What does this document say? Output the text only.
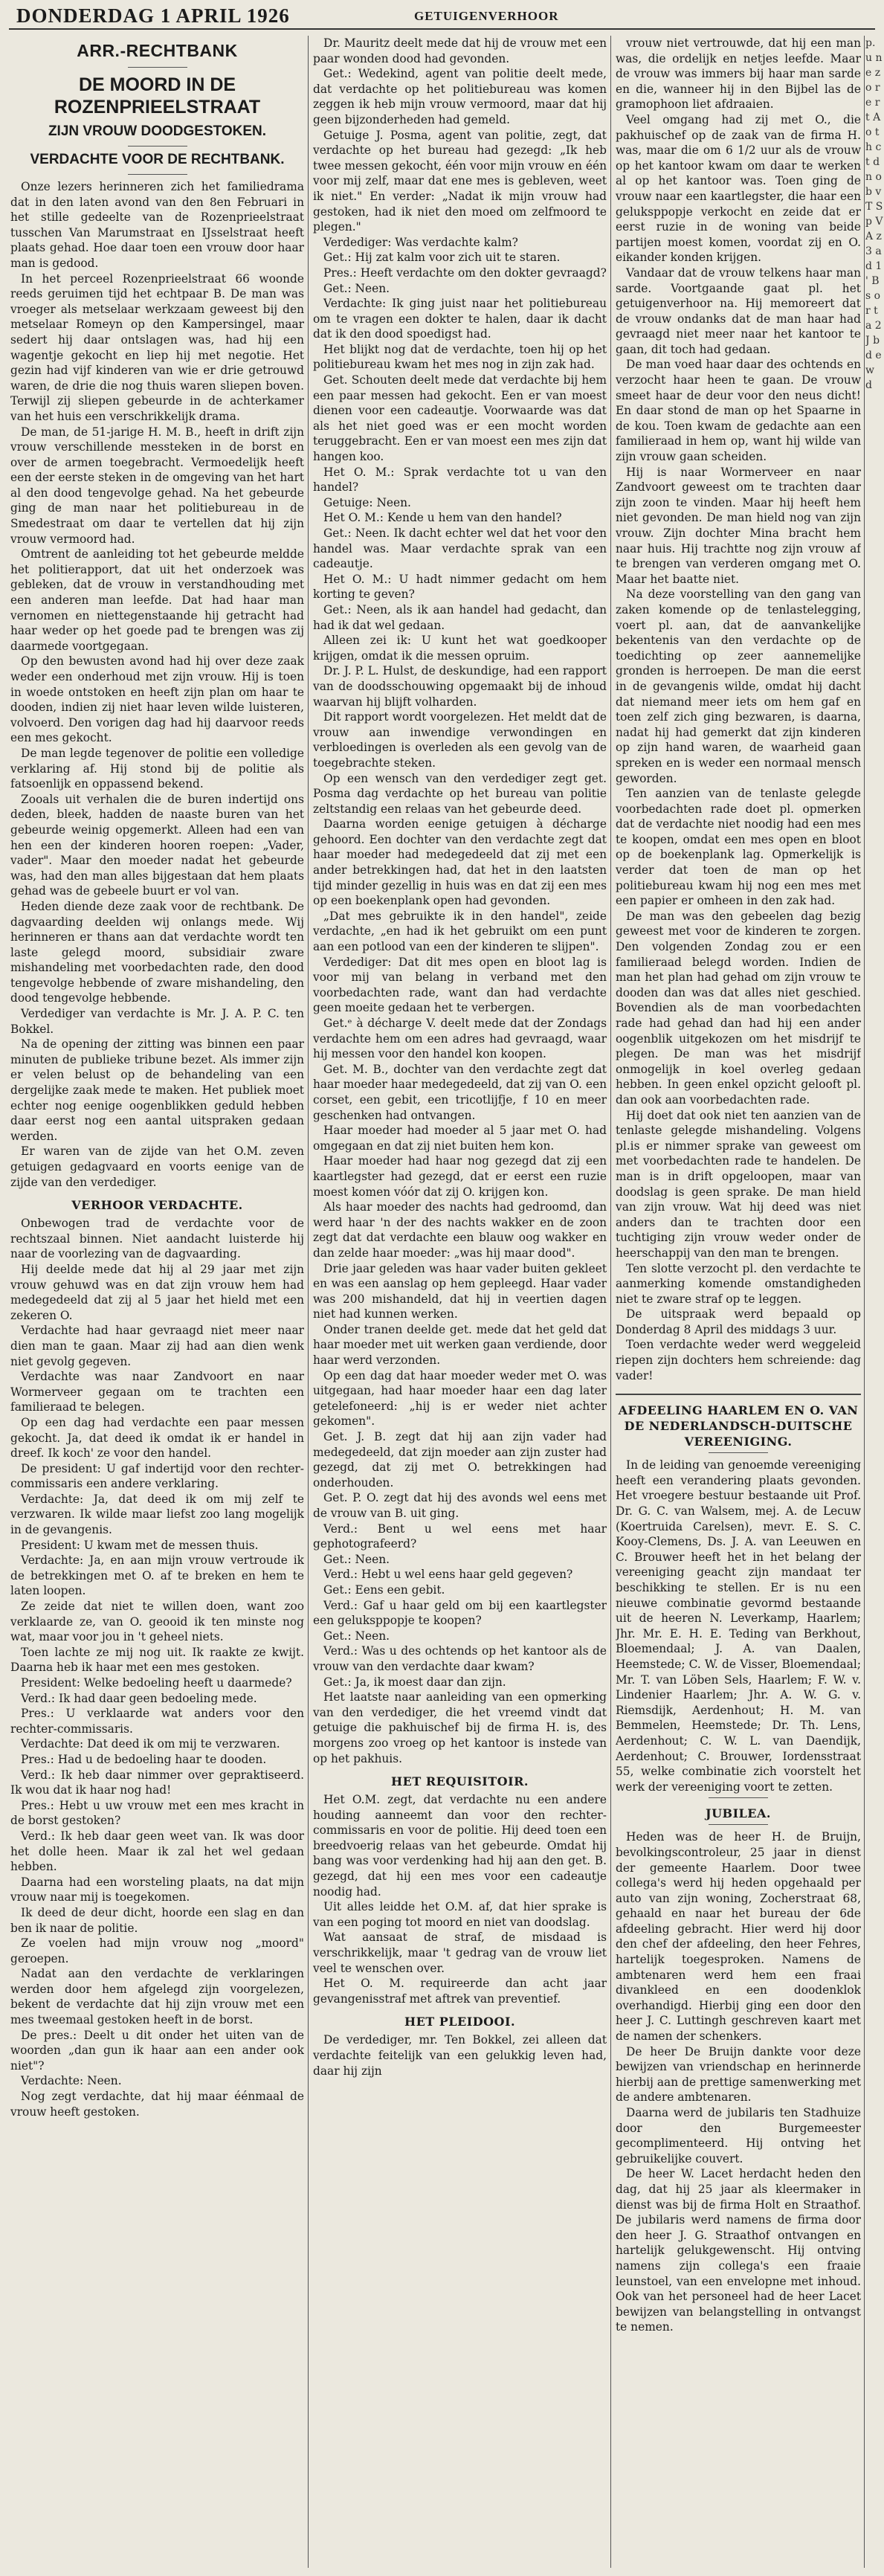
DONDERDAG 1 APRIL 1926	GETUIGENVERHOOR
ARR.-RECHTBANK
DE MOORD IN DE ROZENPRIEELSTRAAT
ZIJN VROUW DOODGESTOKEN.
VERDACHTE VOOR DE RECHTBANK.

Onze lezers herinneren zich het familiedrama dat in den laten avond van den 8en Februari in het stille gedeelte van de Rozenprieelstraat tusschen Van Marumstraat en IJsselstraat heeft plaats gehad. Hoe daar toen een vrouw door haar man is gedood.

In het perceel Rozenprieelstraat 66 woonde reeds geruimen tijd het echtpaar B. De man was vroeger als metselaar werkzaam geweest bij den metselaar Romeyn op den Kampersingel, maar sedert hij daar ontslagen was, had hij een wagentje gekocht en liep hij met negotie. Het gezin had vijf kinderen van wie er drie getrouwd waren, de drie die nog thuis waren sliepen boven. Terwijl zij sliepen gebeurde in de achterkamer van het huis een verschrikkelijk drama.

De man, de 51-jarige H. M. B., heeft in drift zijn vrouw verschillende messteken in de borst en over de armen toegebracht. Vermoedelijk heeft een der eerste steken in de omgeving van het hart al den dood tengevolge gehad. Na het gebeurde ging de man naar het politiebureau in de Smedestraat om daar te vertellen dat hij zijn vrouw vermoord had.

Omtrent de aanleiding tot het gebeurde meldde het politierapport, dat uit het onderzoek was gebleken, dat de vrouw in verstandhouding met een anderen man leefde. Dat had haar man vernomen en niettegenstaande hij getracht had haar weder op het goede pad te brengen was zij daarmede voortgegaan.

Op den bewusten avond had hij over deze zaak weder een onderhoud met zijn vrouw. Hij is toen in woede ontstoken en heeft zijn plan om haar te dooden, indien zij niet haar leven wilde luisteren, volvoerd. Den vorigen dag had hij daarvoor reeds een mes gekocht.

De man legde tegenover de politie een volledige verklaring af. Hij stond bij de politie als fatsoenlijk en oppassend bekend.

Zooals uit verhalen die de buren indertijd ons deden, bleek, hadden de naaste buren van het gebeurde weinig opgemerkt. Alleen had een van hen een der kinderen hooren roepen: „Vader, vader". Maar den moeder nadat het gebeurde was, had den man alles bijgestaan dat hem plaats gehad was de gebeele buurt er vol van.

Heden diende deze zaak voor de rechtbank. De dagvaarding deelden wij onlangs mede. Wij herinneren er thans aan dat verdachte wordt ten laste gelegd moord, subsidiair zware mishandeling met voorbedachten rade, den dood tengevolge hebbende of zware mishandeling, den dood tengevolge hebbende.

Verdediger van verdachte is Mr. J. A. P. C. ten Bokkel.

Na de opening der zitting was binnen een paar minuten de publieke tribune bezet. Als immer zijn er velen belust op de behandeling van een dergelijke zaak mede te maken. Het publiek moet echter nog eenige oogenblikken geduld hebben daar eerst nog een aantal uitspraken gedaan werden.

Er waren van de zijde van het O.M. zeven getuigen gedagvaard en voorts eenige van de zijde van den verdediger.

VERHOOR VERDACHTE.

Onbewogen trad de verdachte voor de rechtszaal binnen. Niet aandacht luisterde hij naar de voorlezing van de dagvaarding.

Hij deelde mede dat hij al 29 jaar met zijn vrouw gehuwd was en dat zijn vrouw hem had medegedeeld dat zij al 5 jaar het hield met een zekeren O.

Verdachte had haar gevraagd niet meer naar dien man te gaan. Maar zij had aan dien wenk niet gevolg gegeven.

Verdachte was naar Zandvoort en naar Wormerveer gegaan om te trachten een familieraad te belegen.

Op een dag had verdachte een paar messen gekocht. Ja, dat deed ik omdat ik er handel in dreef. Ik koch' ze voor den handel.

De president: U gaf indertijd voor den rechter-commissaris een andere verklaring.

Verdachte: Ja, dat deed ik om mij zelf te verzwaren. Ik wilde maar liefst zoo lang mogelijk in de gevangenis.

President: U kwam met de messen thuis.

Verdachte: Ja, en aan mijn vrouw vertroude ik de betrekkingen met O. af te breken en hem te laten loopen.

Ze zeide dat niet te willen doen, want zoo verklaarde ze, van O. geooid ik ten minste nog wat, maar voor jou in 't geheel niets.

Toen lachte ze mij nog uit. Ik raakte ze kwijt. Daarna heb ik haar met een mes gestoken.

President: Welke bedoeling heeft u daarmede?

Verd.: Ik had daar geen bedoeling mede.

Pres.: U verklaarde wat anders voor den rechter-commissaris.

Verdachte: Dat deed ik om mij te verzwaren.

Pres.: Had u de bedoeling haar te dooden.

Verd.: Ik heb daar nimmer over gepraktiseerd. Ik wou dat ik haar nog had!

Pres.: Hebt u uw vrouw met een mes kracht in de borst gestoken?

Verd.: Ik heb daar geen weet van. Ik was door het dolle heen. Maar ik zal het wel gedaan hebben.

Daarna had een worsteling plaats, na dat mijn vrouw naar mij is toegekomen.

Ik deed de deur dicht, hoorde een slag en dan ben ik naar de politie.

Ze voelen had mijn vrouw nog „moord" geroepen.

Nadat aan den verdachte de verklaringen werden door hem afgelegd zijn voorgelezen, bekent de verdachte dat hij zijn vrouw met een mes tweemaal gestoken heeft in de borst.

De pres.: Deelt u dit onder het uiten van de woorden „dan gun ik haar aan een ander ook niet"?

Verdachte: Neen.

Nog zegt verdachte, dat hij maar éénmaal de vrouw heeft gestoken.

Dr. Mauritz deelt mede dat hij de vrouw met een paar wonden dood had gevonden.

Get.: Wedekind, agent van politie deelt mede, dat verdachte op het politiebureau was komen zeggen ik heb mijn vrouw vermoord, maar dat hij geen bijzonderheden had gemeld.

Getuige J. Posma, agent van politie, zegt, dat verdachte op het bureau had gezegd: „Ik heb twee messen gekocht, één voor mijn vrouw en één voor mij zelf, maar dat ene mes is gebleven, weet ik niet." En verder: „Nadat ik mijn vrouw had gestoken, had ik niet den moed om zelfmoord te plegen."

Verdediger: Was verdachte kalm?

Get.: Hij zat kalm voor zich uit te staren.

Pres.: Heeft verdachte om den dokter gevraagd?

Get.: Neen.

Verdachte: Ik ging juist naar het politiebureau om te vragen een dokter te halen, daar ik dacht dat ik den dood spoedigst had.

Het blijkt nog dat de verdachte, toen hij op het politiebureau kwam het mes nog in zijn zak had.

Get. Schouten deelt mede dat verdachte bij hem een paar messen had gekocht. Een er van moest dienen voor een cadeautje. Voorwaarde was dat als het niet goed was er een mocht worden teruggebracht. Een er van moest een mes zijn dat hangen koo.

Het O. M.: Sprak verdachte tot u van den handel?

Getuige: Neen.

Het O. M.: Kende u hem van den handel?

Get.: Neen. Ik dacht echter wel dat het voor den handel was. Maar verdachte sprak van een cadeautje.

Het O. M.: U hadt nimmer gedacht om hem korting te geven?

Get.: Neen, als ik aan handel had gedacht, dan had ik dat wel gedaan.

Alleen zei ik: U kunt het wat goedkooper krijgen, omdat ik die messen opruim.

Dr. J. P. L. Hulst, de deskundige, had een rapport van de doodsschouwing opgemaakt bij de inhoud waarvan hij blijft volharden.

Dit rapport wordt voorgelezen. Het meldt dat de vrouw aan inwendige verwondingen en verbloedingen is overleden als een gevolg van de toegebrachte steken.

Op een wensch van den verdediger zegt get. Posma dag verdachte op het bureau van politie zeltstandig een relaas van het gebeurde deed.

Daarna worden eenige getuigen à décharge gehoord. Een dochter van den verdachte zegt dat haar moeder had medegedeeld dat zij met een ander betrekkingen had, dat het in den laatsten tijd minder gezellig in huis was en dat zij een mes op een boekenplank open had gevonden.

„Dat mes gebruikte ik in den handel", zeide verdachte, „en had ik het gebruikt om een punt aan een potlood van een der kinderen te slijpen".

Verdediger: Dat dit mes open en bloot lag is voor mij van belang in verband met den voorbedachten rade, want dan had verdachte geen moeite gedaan het te verbergen.

Get.ᵉ à décharge V. deelt mede dat der Zondags verdachte hem om een adres had gevraagd, waar hij messen voor den handel kon koopen.

Get. M. B., dochter van den verdachte zegt dat haar moeder haar medegedeeld, dat zij van O. een corset, een gebit, een tricotlijfje, f 10 en meer geschenken had ontvangen.

Haar moeder had moeder al 5 jaar met O. had omgegaan en dat zij niet buiten hem kon.

Haar moeder had haar nog gezegd dat zij een kaartlegster had gezegd, dat er eerst een ruzie moest komen vóór dat zij O. krijgen kon.

Als haar moeder des nachts had gedroomd, dan werd haar 'n der des nachts wakker en de zoon zegt dat dat verdachte een blauw oog wakker en dan zelde haar moeder: „was hij maar dood".

Drie jaar geleden was haar vader buiten gekleet en was een aanslag op hem gepleegd. Haar vader was 200 mishandeld, dat hij in veertien dagen niet had kunnen werken.

Onder tranen deelde get. mede dat het geld dat haar moeder met uit werken gaan verdiende, door haar werd verzonden.

Op een dag dat haar moeder weder met O. was uitgegaan, had haar moeder haar een dag later getelefoneerd: „hij is er weder niet achter gekomen".

Get. J. B. zegt dat hij aan zijn vader had medegedeeld, dat zijn moeder aan zijn zuster had gezegd, dat zij met O. betrekkingen had onderhouden.

Get. P. O. zegt dat hij des avonds wel eens met de vrouw van B. uit ging.

Verd.: Bent u wel eens met haar gephotografeerd?

Get.: Neen.

Verd.: Hebt u wel eens haar geld gegeven?

Get.: Eens een gebit.

Verd.: Gaf u haar geld om bij een kaartlegster een geluksppopje te koopen?

Get.: Neen.

Verd.: Was u des ochtends op het kantoor als de vrouw van den verdachte daar kwam?

Get.: Ja, ik moest daar dan zijn.

Het laatste naar aanleiding van een opmerking van den verdediger, die het vreemd vindt dat getuige die pakhuischef bij de firma H. is, des morgens zoo vroeg op het kantoor is instede van op het pakhuis.

HET REQUISITOIR.

Het O.M. zegt, dat verdachte nu een andere houding aanneemt dan voor den rechter-commissaris en voor de politie. Hij deed toen een breedvoerig relaas van het gebeurde. Omdat hij bang was voor verdenking had hij aan den get. B. gezegd, dat hij een mes voor een cadeautje noodig had.

Uit alles leidde het O.M. af, dat hier sprake is van een poging tot moord en niet van doodslag.

Wat aansaat de straf, de misdaad is verschrikkelijk, maar 't gedrag van de vrouw liet veel te wenschen over.

Het O. M. requireerde dan acht jaar gevangenisstraf met aftrek van preventief.

HET PLEIDOOI.

De verdediger, mr. Ten Bokkel, zei alleen dat verdachte feitelijk van een gelukkig leven had, daar hij zijn

vrouw niet vertrouwde, dat hij een man was, die ordelijk en netjes leefde. Maar de vrouw was immers bij haar man sarde en die, wanneer hij in den Bijbel las de gramophoon liet afdraaien.

Veel omgang had zij met O., die pakhuischef op de zaak van de firma H. was, maar die om 6 1/2 uur als de vrouw op het kantoor kwam om daar te werken al op het kantoor was. Toen ging de vrouw naar een kaartlegster, die haar een geluksppopje verkocht en zeide dat er eerst ruzie in de woning van beide partijen moest komen, voordat zij en O. eikander konden krijgen.

Vandaar dat de vrouw telkens haar man sarde. Voortgaande gaat pl. het getuigenverhoor na. Hij memoreert dat de vrouw ondanks dat de man haar had gevraagd niet meer naar het kantoor te gaan, dit toch had gedaan.

De man voed haar daar des ochtends en verzocht haar heen te gaan. De vrouw smeet haar de deur voor den neus dicht! En daar stond de man op het Spaarne in de kou. Toen kwam de gedachte aan een familieraad in hem op, want hij wilde van zijn vrouw gaan scheiden.

Hij is naar Wormerveer en naar Zandvoort geweest om te trachten daar zijn zoon te vinden. Maar hij heeft hem niet gevonden. De man hield nog van zijn vrouw. Zijn dochter Mina bracht hem naar huis. Hij trachtte nog zijn vrouw af te brengen van verderen omgang met O. Maar het baatte niet.

Na deze voorstelling van den gang van zaken komende op de tenlastelegging, voert pl. aan, dat de aanvankelijke bekentenis van den verdachte op de toedichting op zeer aannemelijke gronden is herroepen. De man die eerst in de gevangenis wilde, omdat hij dacht dat niemand meer iets om hem gaf en toen zelf zich ging bezwaren, is daarna, nadat hij had gemerkt dat zijn kinderen op zijn hand waren, de waarheid gaan spreken en is weder een normaal mensch geworden.

Ten aanzien van de tenlaste gelegde voorbedachten rade doet pl. opmerken dat de verdachte niet noodig had een mes te koopen, omdat een mes open en bloot op de boekenplank lag. Opmerkelijk is verder dat toen de man op het politiebureau kwam hij nog een mes met een papier er omheen in den zak had.

De man was den gebeelen dag bezig geweest met voor de kinderen te zorgen. Den volgenden Zondag zou er een familieraad belegd worden. Indien de man het plan had gehad om zijn vrouw te dooden dan was dat alles niet geschied. Bovendien als de man voorbedachten rade had gehad dan had hij een ander oogenblik uitgekozen om het misdrijf te plegen. De man was het misdrijf onmogelijk in koel overleg gedaan hebben. In geen enkel opzicht gelooft pl. dan ook aan voorbedachten rade.

Hij doet dat ook niet ten aanzien van de tenlaste gelegde mishandeling. Volgens pl.is er nimmer sprake van geweest om met voorbedachten rade te handelen. De man is in drift opgeloopen, maar van doodslag is geen sprake. De man hield van zijn vrouw. Wat hij deed was niet anders dan te trachten door een tuchtiging zijn vrouw weder onder de heerschappij van den man te brengen.

Ten slotte verzocht pl. den verdachte te aanmerking komende omstandigheden niet te zware straf op te leggen.

De uitspraak werd bepaald op Donderdag 8 April des middags 3 uur.

Toen verdachte weder werd weggeleid riepen zijn dochters hem schreiende: dag vader!

AFDEELING HAARLEM EN O. VAN DE NEDERLANDSCH-DUITSCHE VEREENIGING.

In de leiding van genoemde vereeniging heeft een verandering plaats gevonden. Het vroegere bestuur bestaande uit Prof. Dr. G. C. van Walsem, mej. A. de Lecuw (Koertruida Carelsen), mevr. E. S. C. Kooy-Clemens, Ds. J. A. van Leeuwen en C. Brouwer heeft het in het belang der vereeniging geacht zijn mandaat ter beschikking te stellen. Er is nu een nieuwe combinatie gevormd bestaande uit de heeren N. Leverkamp, Haarlem; Jhr. Mr. E. H. E. Teding van Berkhout, Bloemendaal; J. A. van Daalen, Heemstede; C. W. de Visser, Bloemendaal; Mr. T. van Löben Sels, Haarlem; F. W. v. Lindenier Haarlem; Jhr. A. W. G. v. Riemsdijk, Aerdenhout; H. M. van Bemmelen, Heemstede; Dr. Th. Lens, Aerdenhout; C. W. L. van Daendijk, Aerdenhout; C. Brouwer, Iordensstraat 55, welke combinatie zich voorstelt het werk der vereeniging voort te zetten.

JUBILEA.

Heden was de heer H. de Bruijn, bevolkingscontroleur, 25 jaar in dienst der gemeente Haarlem. Door twee collega's werd hij heden opgehaald per auto van zijn woning, Zocherstraat 68, gehaald en naar het bureau der 6de afdeeling gebracht. Hier werd hij door den chef der afdeeling, den heer Fehres, hartelijk toegesproken. Namens de ambtenaren werd hem een fraai divankleed en een doodenklok overhandigd. Hierbij ging een door den heer J. C. Luttingh geschreven kaart met de namen der schenkers.

De heer De Bruijn dankte voor deze bewijzen van vriendschap en herinnerde hierbij aan de prettige samenwerking met de andere ambtenaren.

Daarna werd de jubilaris ten Stadhuize door den Burgemeester gecomplimenteerd. Hij ontving het gebruikelijke couvert.

De heer W. Lacet herdacht heden den dag, dat hij 25 jaar als kleermaker in dienst was bij de firma Holt en Straathof. De jubilaris werd namens de firma door den heer J. G. Straathof ontvangen en hartelijk gelukgewenscht. Hij ontving namens zijn collega's een fraaie leunstoel, van een envelopne met inhoud. Ook van het personeel had de heer Lacet bewijzen van belangstelling in ontvangst te nemen.

p. u n e z o r e r t A o t h c t d n o b v T S p V A z 3 a d 1 ' B s o r t a 2 J b d e w d
